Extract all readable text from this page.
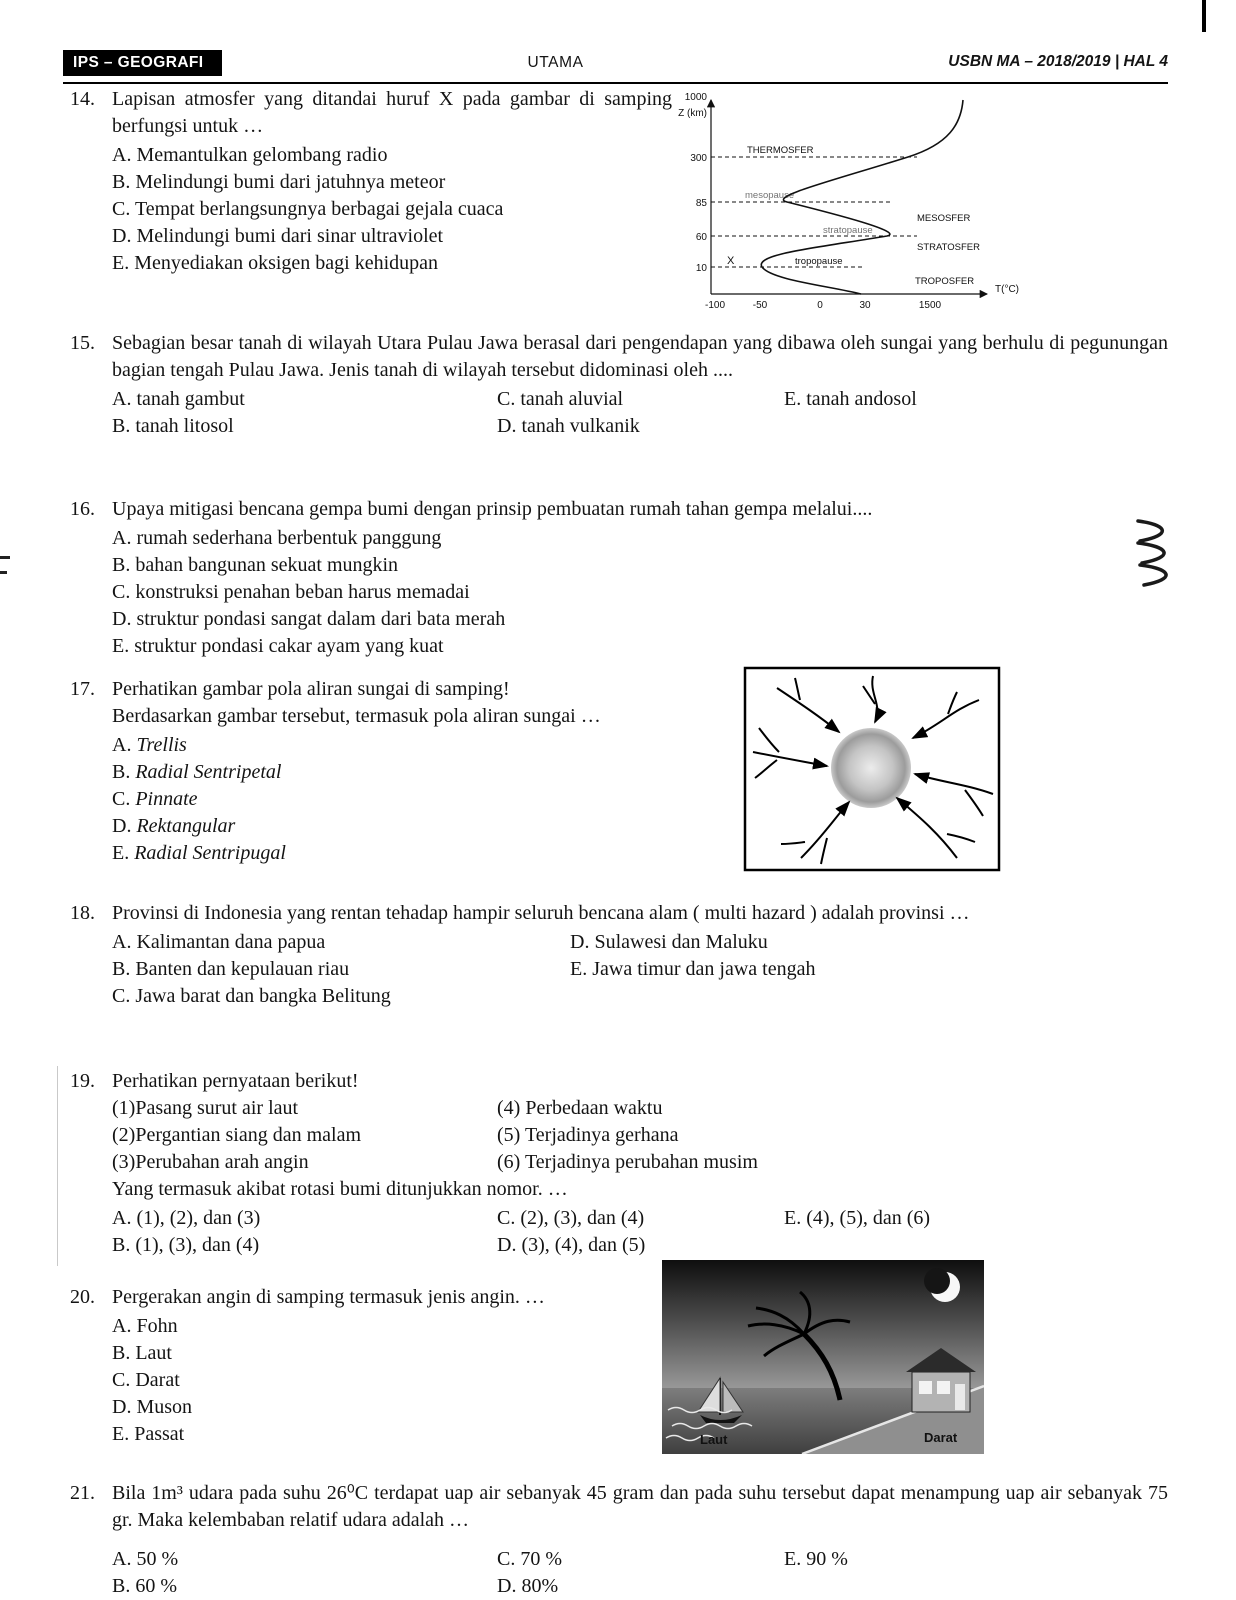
IPS – GEOGRAFI	UTAMA	USBN MA – 2018/2019 | HAL 4
14. Lapisan atmosfer yang ditandai huruf X pada gambar di samping berfungsi untuk …
A. Memantulkan gelombang radio
B. Melindungi bumi dari jatuhnya meteor
C. Tempat berlangsungnya berbagai gejala cuaca
D. Melindungi bumi dari sinar ultraviolet
E. Menyediakan oksigen bagi kehidupan
1000
Z (km)
300
85
60
10
THERMOSFER
mesopause
MESOSFER
stratopause
STRATOSFER
tropopause
TROPOSFER
X
-100	-50	0	30	1500
T(°C)
15. Sebagian besar tanah di wilayah Utara Pulau Jawa berasal dari pengendapan yang dibawa oleh sungai yang berhulu di pegunungan bagian tengah Pulau Jawa. Jenis tanah di wilayah tersebut didominasi oleh ....
A. tanah gambut	C. tanah aluvial	E. tanah andosol
B. tanah litosol	D. tanah vulkanik
16. Upaya mitigasi bencana gempa bumi dengan prinsip pembuatan rumah tahan gempa melalui....
A. rumah sederhana berbentuk panggung
B. bahan bangunan sekuat mungkin
C. konstruksi penahan beban harus memadai
D. struktur pondasi sangat dalam dari bata merah
E. struktur pondasi cakar ayam yang kuat
17. Perhatikan gambar pola aliran sungai di samping!
Berdasarkan gambar tersebut, termasuk pola aliran sungai …
A. Trellis
B. Radial Sentripetal
C. Pinnate
D. Rektangular
E. Radial Sentripugal
18. Provinsi di Indonesia yang rentan tehadap hampir seluruh bencana alam ( multi hazard ) adalah provinsi …
A. Kalimantan dana papua	D. Sulawesi dan Maluku
B. Banten dan kepulauan riau	E. Jawa timur dan jawa tengah
C. Jawa barat dan bangka Belitung
19. Perhatikan pernyataan berikut!
(1)Pasang surut air laut	(4) Perbedaan waktu
(2)Pergantian siang dan malam	(5) Terjadinya gerhana
(3)Perubahan arah angin	(6) Terjadinya perubahan musim
Yang termasuk akibat rotasi bumi ditunjukkan nomor. …
A. (1), (2), dan (3)	C. (2), (3), dan (4)	E. (4), (5), dan (6)
B. (1), (3), dan (4)	D. (3), (4), dan (5)
20. Pergerakan angin di samping termasuk jenis angin. …
A. Fohn
B. Laut
C. Darat
D. Muson
E. Passat	Laut	Darat
21. Bila 1m³ udara pada suhu 26⁰C terdapat uap air sebanyak 45 gram dan pada suhu tersebut dapat menampung uap air sebanyak 75 gr. Maka kelembaban relatif udara adalah …
A. 50 %	C. 70 %	E. 90 %
B. 60 %	D. 80%
